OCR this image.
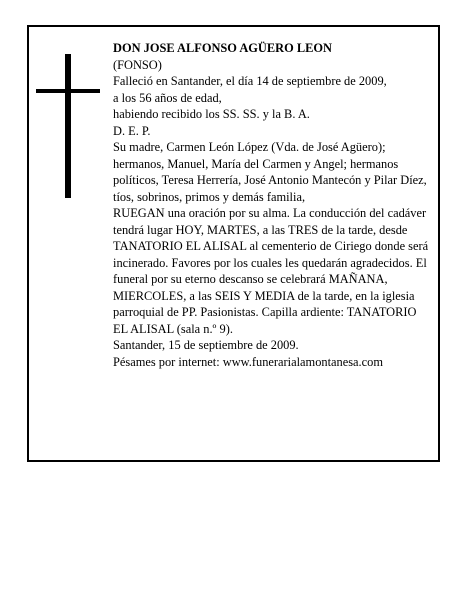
DON JOSE ALFONSO AGÜERO LEON

(FONSO)

Falleció en Santander, el día 14 de septiembre de 2009,

a los 56 años de edad,

habiendo recibido los SS. SS. y la B. A.

D. E. P.

Su madre, Carmen León López (Vda. de José Agüero); hermanos, Manuel, María del Carmen y Angel; hermanos políticos, Teresa Herrería, José Antonio Mantecón y Pilar Díez, tíos, sobrinos, primos y demás familia,

RUEGAN una oración por su alma. La conducción del cadáver tendrá lugar HOY, MARTES, a las TRES de la tarde, desde TANATORIO EL ALISAL al cementerio de Ciriego donde será incinerado. Favores por los cuales les quedarán agradecidos. El funeral por su eterno descanso se celebrará MAÑANA, MIERCOLES, a las SEIS Y MEDIA de la tarde, en la iglesia parroquial de PP. Pasionistas. Capilla ardiente: TANATORIO EL ALISAL (sala n.º 9).

Santander, 15 de septiembre de 2009.

Pésames por internet: www.funerarialamontanesa.com
